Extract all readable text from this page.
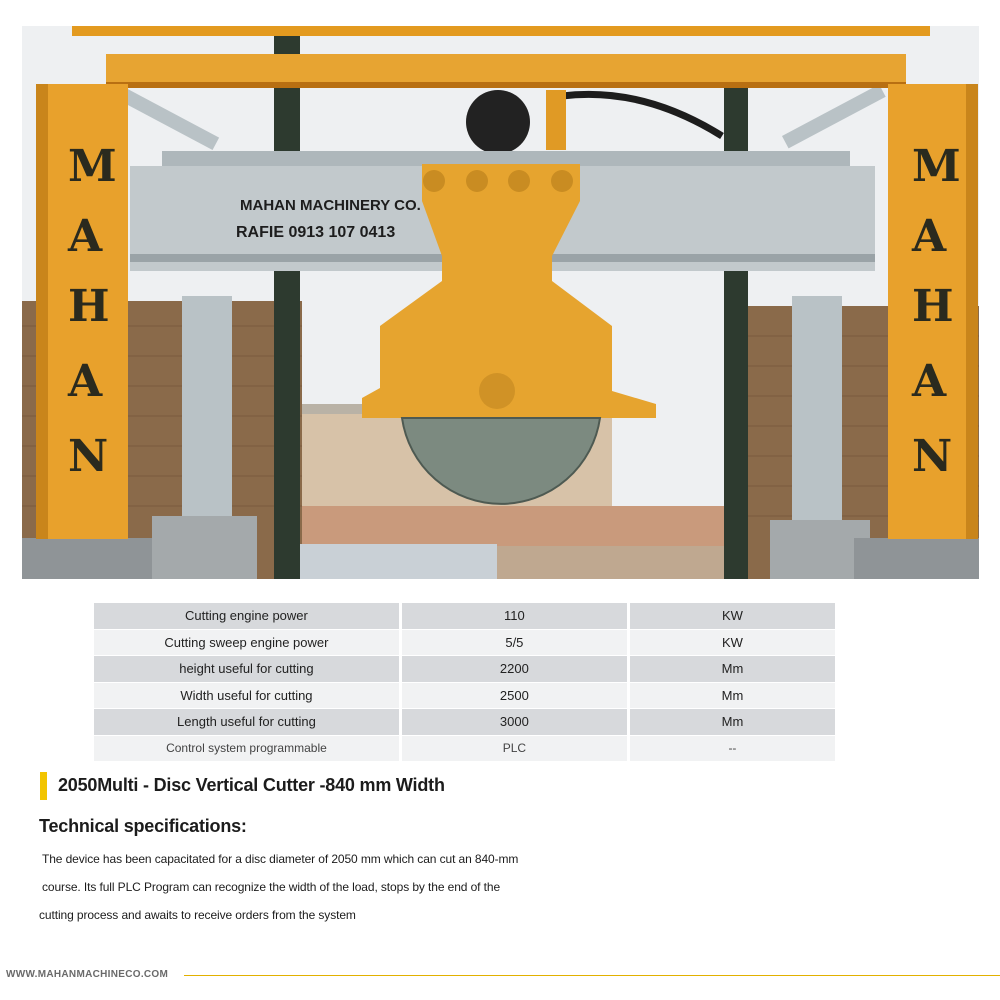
MAHAN MACHINERY CO.
RAFIE 0913 107 0413
M
A
H
A
N
M
A
H
A
N
Cutting engine power	110	KW
Cutting sweep engine power	5/5	KW
height useful for cutting	2200	Mm
Width useful for cutting	2500	Mm
Length useful for cutting	3000	Mm
Control system programmable	PLC	--
2050Multi - Disc Vertical Cutter -840 mm Width
Technical specifications:
The device has been capacitated for a disc diameter of 2050 mm which can cut an 840-mm
course. Its full PLC Program can recognize the width of the load, stops by the end of the
cutting process and awaits to receive orders from the system
WWW.MAHANMACHINECO.COM
